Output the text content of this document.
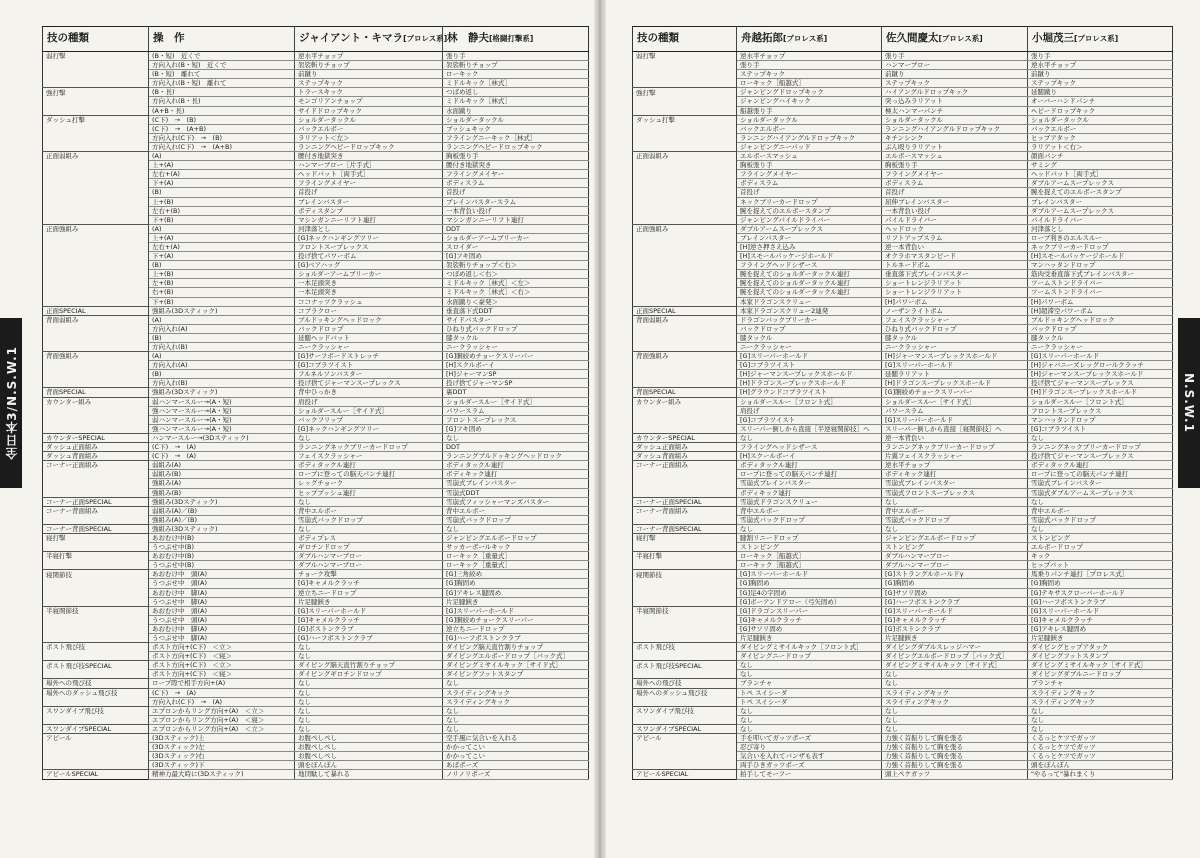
全日本3/N.S.W.1
技の種類	操　作	ジャイアント・キマラ[プロレス系]	林　静夫[格闘打撃系]
弱打撃	(B・短)　近くで	逆水平チョップ	張り手
	方向入れ(B・短)　近くで	袈裟斬りチョップ	袈裟斬りチョップ
	(B・短)　離れて	前蹴り	ローキック
	方向入れ(B・短)　離れて	ステップキック	ミドルキック［林式］
強打撃	(B・長)	トラースキック	つばめ返し
	方向入れ(B・長)	モンゴリアンチョップ	ミドルキック［林式］
	(A+B・長)	サイドドロップキック	水面蹴り
ダッシュ打撃	(C下)　→　(B)	ショルダータックル	ショルダータックル
	(C下)　→　(A+B)	バックエルボー	ブッシュキック
	方向入れ(C下)　→　(B)	ラリアット＜左＞	フライングニーキック［林式］
	方向入れ(C下)　→　(A+B)	ランニングヘビードロップキック	ランニングヘビードロップキック
正面弱組み	(A)	腰付き地獄突き	胸板張り手
	上+(A)	ハンマーブロー［片手式］	腰付き地獄突き
	左右+(A)	ヘッドバット［両手式］	フライングメイヤー
	下+(A)	フライングメイヤー	ボディスラム
	(B)	首投げ	首投げ
	上+(B)	ブレインバスター	ブレインバスタースラム
	左右+(B)	ボディスタンプ	一本背負い投げ
	下+(B)	マシンガンニーリフト連打	マシンガンニーリフト連打
正面強組み	(A)	河津落とし	DDT
	上+(A)	[G]ネックハンギングツリー	ショルダーアームブリーカー
	左右+(A)	フロントスープレックス	スロイダー
	下+(A)	投げ捨てパワーボム	[G]フキ固め
	(B)	[G]ベアハッグ	袈裟斬りチョップ＜右＞
	上+(B)	ショルダーアームブリーカー	つばめ返し＜右＞
	左+(B)	一本足頭突き	ミドルキック［林式］＜左＞
	右+(B)	一本足頭突き	ミドルキック［林式］＜右＞
	下+(B)	ココナッツクラッシュ	水面蹴り＜豪発＞
正面SPECIAL	強組み(3Dスティック)	コブラクロー	垂直落下式DDT
背面弱組み	(A)	ブルドッキングヘッドロック	サイドバスター
	方向入れ(A)	バックドロップ	ひねり式バックドロップ
	(B)	延髄ヘッドバット	膝タックル
	方向入れ(B)	ニークラッシャー	ニークラッシャー
背面強組み	(A)	[G]サーフボードストレッチ	[G]胴絞めチョークスリーパー
	方向入れ(A)	[G]コブラツイスト	[H]スクルボーイ
	(B)	フルネルソンバスター	[H]ジャーマンSP
	方向入れ(B)	投げ捨てジャーマンスープレックス	投げ捨てジャーマンSP
背面SPECIAL	強組み(3Dスティック)	背中ひっかき	裏DDT
カウンター組み	弱ハンマースルー→(A・短)	肩投げ	ショルダースルー［サイド式］
	強ハンマースルー→(A・短)	ショルダースルー［サイド式］	パワースラム
	弱ハンマースルー→(A・短)	バックフリップ	フロントスープレックス
	強ハンマースルー→(A・短)	[G]ネックハンギングツリー	[G]フキ固め
カウンターSPECIAL	ハンマースルー→(3Dスティック)	なし	なし
ダッシュ正面組み	(C下)　→　(A)	ランニングネックブリーカードロップ	DDT
ダッシュ背面組み	(C下)　→　(A)	フェイスクラッシャー	ランニングブルドッキングヘッドロック
コーナー正面組み	弱組み(A)	ボディタックル連打	ボディタックル連打
	弱組み(B)	ロープに登っての脳天パンチ連打	ボディキック連打
	強組み(A)	レッグチョーク	雪崩式ブレインバスター
	強組み(B)	ヒッププッシュ連打	雪崩式DDT
コーナー正面SPECIAL	強組み(3Dスティック)	なし	雪崩式フィッシャーマンズバスター
コーナー背面組み	弱組み(A)／(B)	背中エルボー	背中エルボー
	強組み(A)／(B)	雪崩式バックドロップ	雪崩式バックドロップ
コーナー背面SPECIAL	強組み(3Dスティック)	なし	なし
寝打撃	あおむけ中(B)	ボディプレス	ジャンピングエルボードロップ
	うつぶせ中(B)	ギロチンドロップ	サッカーボールキック
半寝打撃	あおむけ中(B)	ダブルハンマーブロー	ローキック［重量式］
	うつぶせ中(B)	ダブルハンマーブロー	ローキック［重量式］
寝関節技	あおむけ中　頭(A)	チョーク攻撃	[G]三角絞め
	うつぶせ中　頭(A)	[G]キャメルクラッチ	[G]胸固め
	あおむけ中　脚(A)	逆立ちニードロップ	[G]アキレス腱固め
	うつぶせ中　脚(A)	片足腱鋏き	片足腱鋏き
半寝関節技	あおむけ中　頭(A)	[G]スリーパーホールド	[G]スリーパーホールド
	うつぶせ中　頭(A)	[G]キャメルクラッチ	[G]胴絞めチョークスリーパー
	あおむけ中　脚(A)	[G]ボストンクラブ	逆立ちニードロップ
	うつぶせ中　脚(A)	[G]ハーフボストンクラブ	[G]ハーフボストンクラブ
ポスト飛び技	ポスト方向+(C下)　＜立＞	なし	ダイビング脳天直竹割りチョップ
	ポスト方向+(C下)　＜寝＞	なし	ダイビングエルボードロップ［バック式］
ポスト飛び技SPECIAL	ポスト方向+(C下)　＜立＞	ダイビング脳天直竹割りチョップ	ダイビングミサイルキック［サイド式］
	ポスト方向+(C下)　＜寝＞	ダイビングギロチンドロップ	ダイビングフットスタンプ
場外への飛び技	ロープ際で相手方向+(A)	なし	なし
場外へのダッシュ飛び技	(C下)　→　(A)	なし	スライディングキック
	方向入れ(C下)　→　(A)	なし	スライディングキック
スワンダイブ飛び技	エプロンからリング方向+(A)　＜立＞	なし	なし
	エプロンからリング方向+(A)　＜寝＞	なし	なし
スワンダイブSPECIAL	エプロンからリング方向+(A)　＜立＞	なし	なし
アピール	(3Dスティック)上	お腹ぺしぺし	空手風に気合いを入れる
	(3Dスティック)左	お腹ぺしぺし	かかってこい
	(3Dスティック)右	お腹ぺしぺし	かかってこい
	(3Dスティック)下	頭をぽんぽん	あばポーズ
アピールSPECIAL	精神力最大時に(3Dスティック)	地団駄して暴れる	ノリノリポーズ
技の種類	舟越拓郎[プロレス系]	佐久間慶太[プロレス系]	小堀茂三[プロレス系]
弱打撃	逆水平チョップ	張り手	張り手
	張り手	ハンマーブロー	逆水平チョップ
	ステップキック	前蹴り	前蹴り
	ローキック［船越式］	ステップキック	ステップキック
強打撃	ジャンピングドロップキック	ハイアングルドロップキック	延髄蹴り
	ジャンピングハイキック	突っ込みラリアット	オーバーハンドパンチ
	船越張り手	極太ハンマーパンチ	ヘビードロップキック
ダッシュ打撃	ショルダータックル	ショルダータックル	ショルダータックル
	バックエルボー	ランニングハイアングルドロップキック	バックエルボー
	ランニングハイアングルドロップキック	キチンシンク	ヒップアタック
	ジャンピングニーパッド	ぶん殴りラリアット	ラリアット＜右＞
正面弱組み	エルボースマッシュ	エルボースマッシュ	顔面パンチ
	胸板張り手	胸板張り手	サミング
	フライングメイヤー	フライングメイヤー	ヘッドバット［両手式］
	ボディスラム	ボディスラム	ダブルアームスープレックス
	首投げ	首投げ	腕を捉えてのエルボースタンプ
	ネックブリーカードロップ	屈伸ブレインバスター	ブレインバスター
	腕を捉えてのエルボースタンプ	一本背負い投げ	ダブルアームスープレックス
	ジャンピングパイルドライバー	パイルドライバー	パイルドライバー
正面強組み	ダブルアームスープレックス	ヘッドロック	河津落とし
	ブレインバスター	リフトアップスラム	ローブ利きのエルスルー
	[H]逆さ押さえ込み	逆一本背負い	ネックブリーカードロップ
	[H]スモールパッケージホールド	オクラホマスタンピード	[H]スモールパッケージホールド
	フライングヘッドシザース	トルネードボム	マンハッタンドロップ
	腕を捉えてのショルダータックル連打	垂直落下式ブレインバスター	筋肉受垂直落下式ブレインバスター
	腕を捉えてのショルダータックル連打	ショートレンジラリアット	ツームストンドライバー
	腕を捉えてのショルダータックル連打	ショートレンジラリアット	ツームストンドライバー
	本家ドラゴンスクリュー	[H]パワーボム	[H]パワーボム
正面SPECIAL	本家ドラゴンスクリュー2連発	ノーザンライトボム	[H]超滞空パワーボム
背面弱組み	ドラゴンバックブリーカー	フェイスクラッシャー	ブルドッキングヘッドロック
	バックドロップ	ひねり式バックドロップ	バックドロップ
	膝タックル	膝タックル	膝タックル
	ニークラッシャー	ニークラッシャー	ニークラッシャー
背面強組み	[G]スリーパーホールド	[H]ジャーマンスープレックスホールド	[G]スリーパーホールド
	[G]コブラツイスト	[G]スリーパーホールド	[H]ジャバニーズレッグロールクラッチ
	[H]ジャーマンスープレックスホールド	延髄ラリアット	[H]ジャーマンスープレックスホールド
	[H]ドラゴンスープレックスホールド	[H]ドラゴンスープレックスホールド	投げ捨てジャーマンスープレックス
背面SPECIAL	[H]グラウンドコブラツイスト	[G]胴絞めチョークスリーパー	[H]ドラゴンスープレックスホールド
カウンター組み	ショルダースルー［フロント式］	ショルダースルー［サイド式］	ショルダースルー［フロント式］
	肩投げ	パワースラム	フロントスープレックス
	[G]コブラツイスト	[G]スリーパーホールド	マンハッタンドロップ
	スリーパー倒しから直接［半逆寝関節技］へ	スリーパー倒しから直接［寝関節技］へ	[G]コブラツイスト
カウンターSPECIAL	なし	逆一本背負い	なし
ダッシュ正面組み	フライングヘッドシザース	ランニングネックブリーカードロップ	ランニングネックブリーカードロップ
ダッシュ背面組み	[H]スクールボーイ	片翼フェイスクラッシャー	投げ捨てジャーマンスープレックス
コーナー正面組み	ボディタックル連打	逆水平チョップ	ボディタックル連打
	ロープに登っての脳天パンチ連打	ボディキック連打	ロープに登っての脳天パンチ連打
	雪崩式ブレインバスター	雪崩式ブレインバスター	雪崩式ブレインバスター
	ボディキック連打	雪崩式フロントスープレックス	雪崩式ダブルアームスープレックス
コーナー正面SPECIAL	雪崩式ドラゴンスクリュー	なし	なし
コーナー背面組み	背中エルボー	背中エルボー	背中エルボー
	雪崩式バックドロップ	雪崩式バックドロップ	雪崩式バックドロップ
コーナー背面SPECIAL	なし	なし	なし
寝打撃	腱割リニードロップ	ジャンピングエルボードロップ	ストンピング
	ストンピング	ストンピング	エルボードロップ
半寝打撃	ローキック［船越式］	ダブルハンマーブロー	キック
	ローキック［船越式］	ダブルハンマーブロー	ヒップバット
寝関節技	[G]スリーパーホールド	[G]ストラングルホールドγ	馬乗りパンチ連打［プロレス式］
	[G]胸固め	[G]胸固め	[G]胸固め
	[G]足4の字固め	[G]サソリ固め	[G]テキサスクローバーホールド
	[G]ボーアンドアロー（弓矢固め）	[G]ハーフボストンクラブ	[G]ハーフボストンクラブ
半寝関節技	[G]ドラゴンスリーパー	[G]スリーパーホールド	[G]スリーパーホールド
	[G]キャメルクラッチ	[G]キャメルクラッチ	[G]キャメルクラッチ
	[G]サソリ固め	[G]ボストンクラブ	[G]アキレス腱固め
	片足腱鋏き	片足腱鋏き	片足腱鋏き
ポスト飛び技	ダイビングミサイルキック［フロント式］	ダイビングダブルスレッジハマー	ダイビングヒップアタック
	ダイビングニードロップ	ダイビングエルボードロップ［バック式］	ダイビングフットスタンプ
ポスト飛び技SPECIAL	なし	ダイビングミサイルキック［サイド式］	ダイビングミサイルキック［サイド式］
	なし	なし	ダイビングダブルニードロップ
場外への飛び技	ブランチャ	なし	ブランチャ
場外へのダッシュ飛び技	トペ スイシーダ	スライディングキック	スライディングキック
	トペ スイシーダ	スライディングキック	スライディングキック
スワンダイブ飛び技	なし	なし	なし
	なし	なし	なし
スワンダイブSPECIAL	なし	なし	なし
アピール	手を叩いてガッツポーズ	力強く首振りして胸を張る	くるっとケツでガッツ
	忍び寄り	力強く首振りして胸を張る	くるっとケツでガッツ
	気合いを入れてバンザも表す	力強く首振りして胸を張る	くるっとケツでガッツ
	両手ひきガッツポーズ	力強く首振りして胸を張る	頭をぽんぽん
アピールSPECIAL	拍手してモーフー	頭上ペケガッツ	"やるって"暴れまくり
N.S.W.1
